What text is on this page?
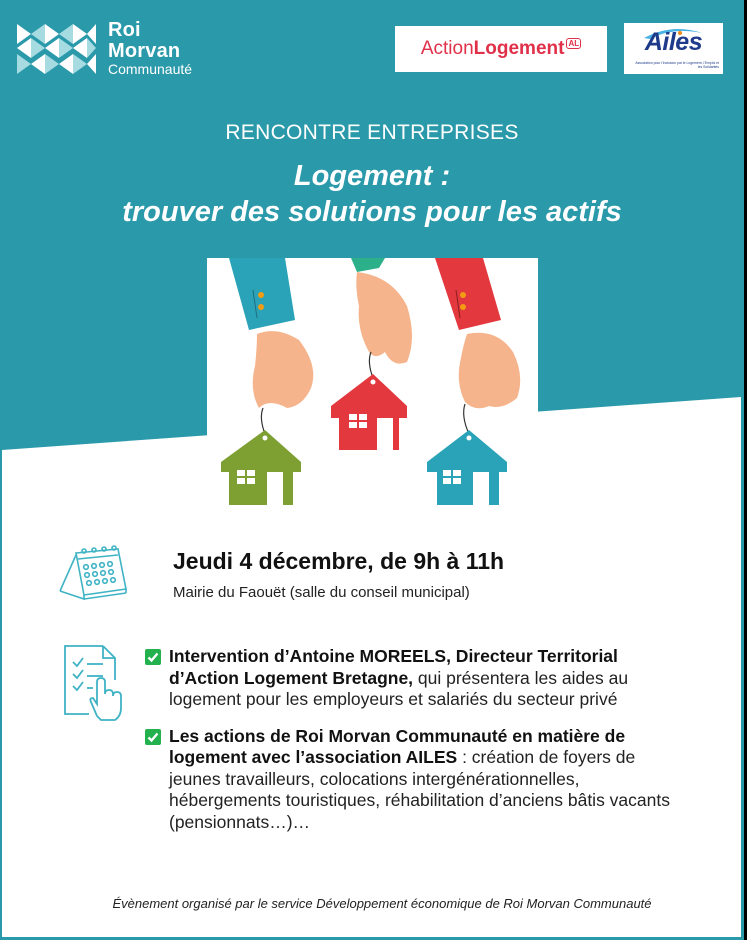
Roi
Morvan
Communauté
Action Logement AL	Ailes
Association pour l'Inclusion par le Logement, l'Emploi et les Solidarités
RENCONTRE ENTREPRISES
Logement :
trouver des solutions pour les actifs
Jeudi 4 décembre, de 9h à 11h
Mairie du Faouët (salle du conseil municipal)
Intervention d’Antoine MOREELS, Directeur Territorial d’Action Logement Bretagne, qui présentera les aides au logement pour les employeurs et salariés du secteur privé
Les actions de Roi Morvan Communauté en matière de logement avec l’association AILES : création de foyers de jeunes travailleurs, colocations intergénérationnelles, hébergements touristiques, réhabilitation d’anciens bâtis vacants (pensionnats…)…
Évènement organisé par le service Développement économique de Roi Morvan Communauté
